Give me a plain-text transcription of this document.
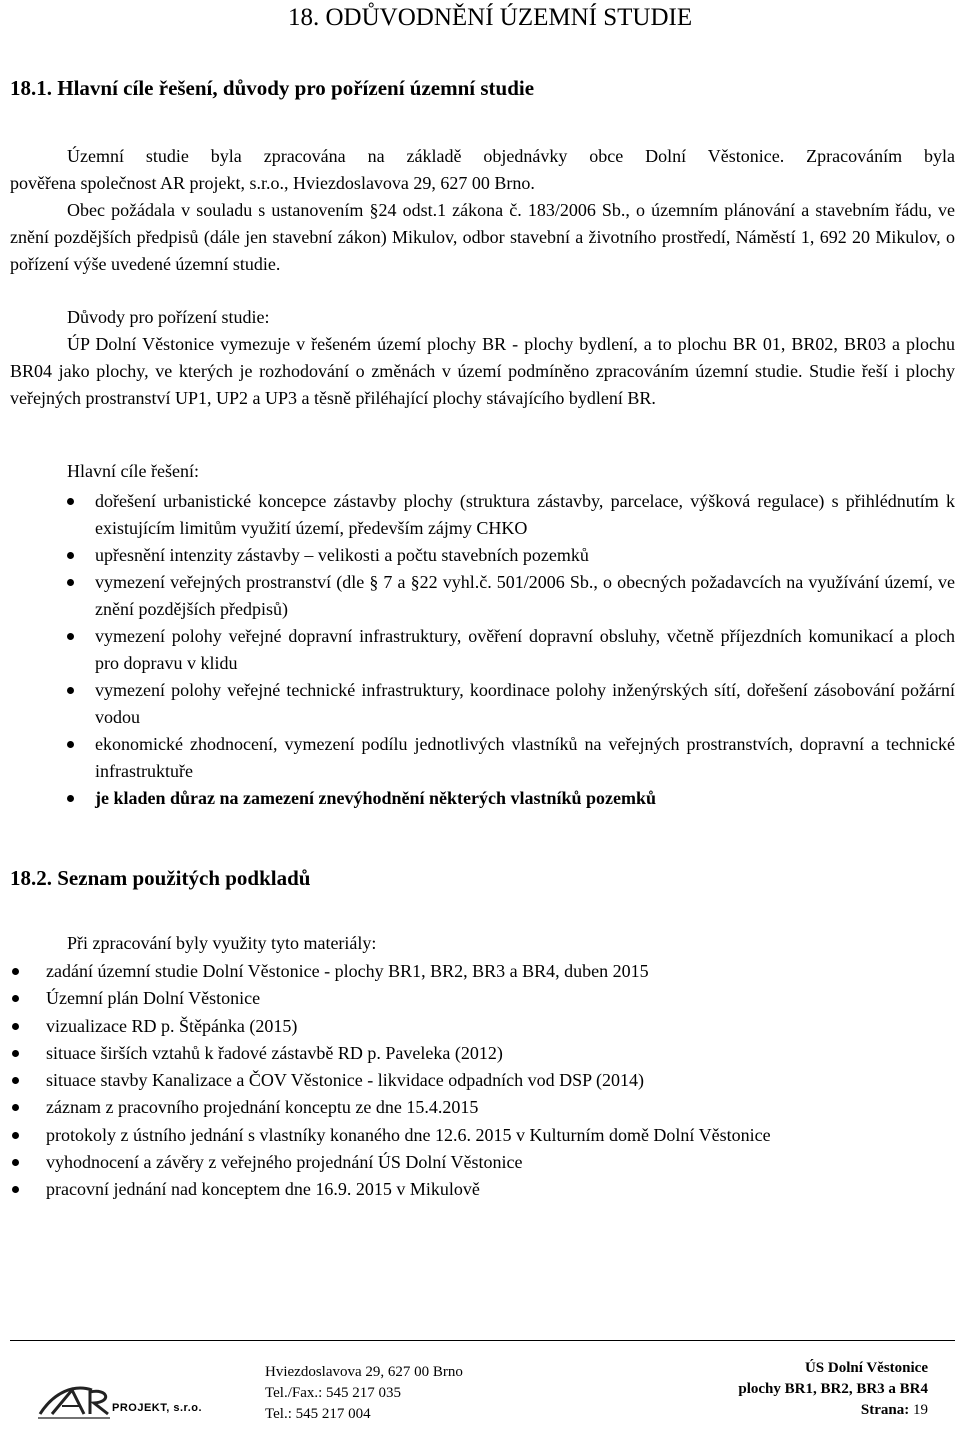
18. ODŮVODNĚNÍ ÚZEMNÍ STUDIE
18.1. Hlavní cíle řešení, důvody pro pořízení územní studie

Územní studie byla zpracována na základě objednávky obce Dolní Věstonice. Zpracováním byla

pověřena společnost AR projekt, s.r.o., Hviezdoslavova 29, 627 00 Brno.

Obec požádala v souladu s ustanovením §24 odst.1 zákona č. 183/2006 Sb., o územním plánování a stavebním řádu, ve znění pozdějších předpisů (dále jen stavební zákon) Mikulov, odbor stavební a životního prostředí, Náměstí 1, 692 20 Mikulov, o pořízení výše uvedené územní studie.

Důvody pro pořízení studie:

ÚP Dolní Věstonice vymezuje v řešeném území plochy BR - plochy bydlení, a to plochu BR 01, BR02, BR03 a plochu BR04 jako plochy, ve kterých je rozhodování o změnách v území podmíněno zpracováním územní studie. Studie řeší i plochy veřejných prostranství UP1, UP2 a UP3 a těsně přiléhající plochy stávajícího bydlení BR.

Hlavní cíle řešení:
dořešení urbanistické koncepce zástavby plochy (struktura zástavby, parcelace, výšková regulace) s přihlédnutím k existujícím limitům využití území, především zájmy CHKO
upřesnění intenzity zástavby – velikosti a počtu stavebních pozemků
vymezení veřejných prostranství (dle § 7 a §22 vyhl.č. 501/2006 Sb., o obecných požadavcích na využívání území, ve znění pozdějších předpisů)
vymezení polohy veřejné dopravní infrastruktury, ověření dopravní obsluhy, včetně příjezdních komunikací a ploch pro dopravu v klidu
vymezení polohy veřejné technické infrastruktury, koordinace polohy inženýrských sítí, dořešení zásobování požární vodou
ekonomické zhodnocení, vymezení podílu jednotlivých vlastníků na veřejných prostranstvích, dopravní a technické infrastruktuře
je kladen důraz na zamezení znevýhodnění některých vlastníků pozemků
18.2. Seznam použitých podkladů
Při zpracování byly využity tyto materiály:
zadání územní studie Dolní Věstonice - plochy BR1, BR2, BR3 a BR4, duben 2015
Územní plán Dolní Věstonice
vizualizace RD p. Štěpánka (2015)
situace širších vztahů k řadové zástavbě RD p. Paveleka (2012)
situace stavby Kanalizace a ČOV Věstonice - likvidace odpadních vod DSP (2014)
záznam z pracovního projednání konceptu ze dne 15.4.2015
protokoly z ústního jednání s vlastníky konaného dne 12.6. 2015 v Kulturním domě Dolní Věstonice
vyhodnocení a závěry z veřejného projednání ÚS Dolní Věstonice
pracovní jednání nad konceptem dne 16.9. 2015 v Mikulově
PROJEKT, s.r.o.
Hviezdoslavova 29, 627 00 Brno
Tel./Fax.: 545 217 035
Tel.: 545 217 004
ÚS Dolní Věstonice
plochy BR1, BR2, BR3 a BR4
Strana: 19
